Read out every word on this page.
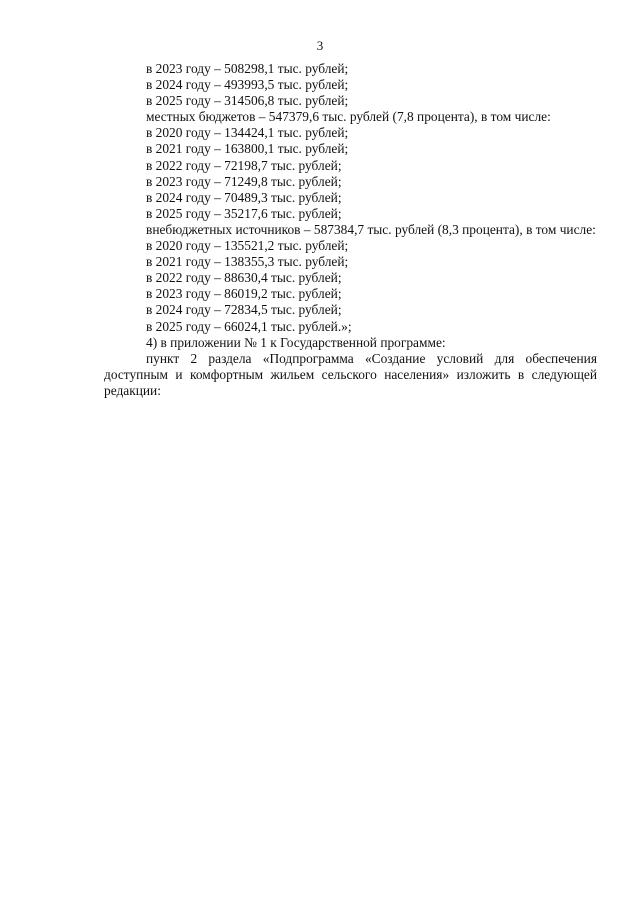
3
в 2023 году – 508298,1 тыс. рублей;
в 2024 году – 493993,5 тыс. рублей;
в 2025 году – 314506,8 тыс. рублей;
местных бюджетов – 547379,6 тыс. рублей (7,8 процента), в том числе:
в 2020 году – 134424,1 тыс. рублей;
в 2021 году – 163800,1 тыс. рублей;
в 2022 году – 72198,7 тыс. рублей;
в 2023 году – 71249,8 тыс. рублей;
в 2024 году – 70489,3 тыс. рублей;
в 2025 году – 35217,6 тыс. рублей;
внебюджетных источников – 587384,7 тыс. рублей (8,3 процента), в том числе:
в 2020 году – 135521,2 тыс. рублей;
в 2021 году – 138355,3 тыс. рублей;
в 2022 году – 88630,4 тыс. рублей;
в 2023 году – 86019,2 тыс. рублей;
в 2024 году – 72834,5 тыс. рублей;
в 2025 году – 66024,1 тыс. рублей.»;
4) в приложении № 1 к Государственной программе:
пункт 2 раздела «Подпрограмма «Создание условий для обеспечения доступным и комфортным жильем сельского населения» изложить в следующей редакции:
